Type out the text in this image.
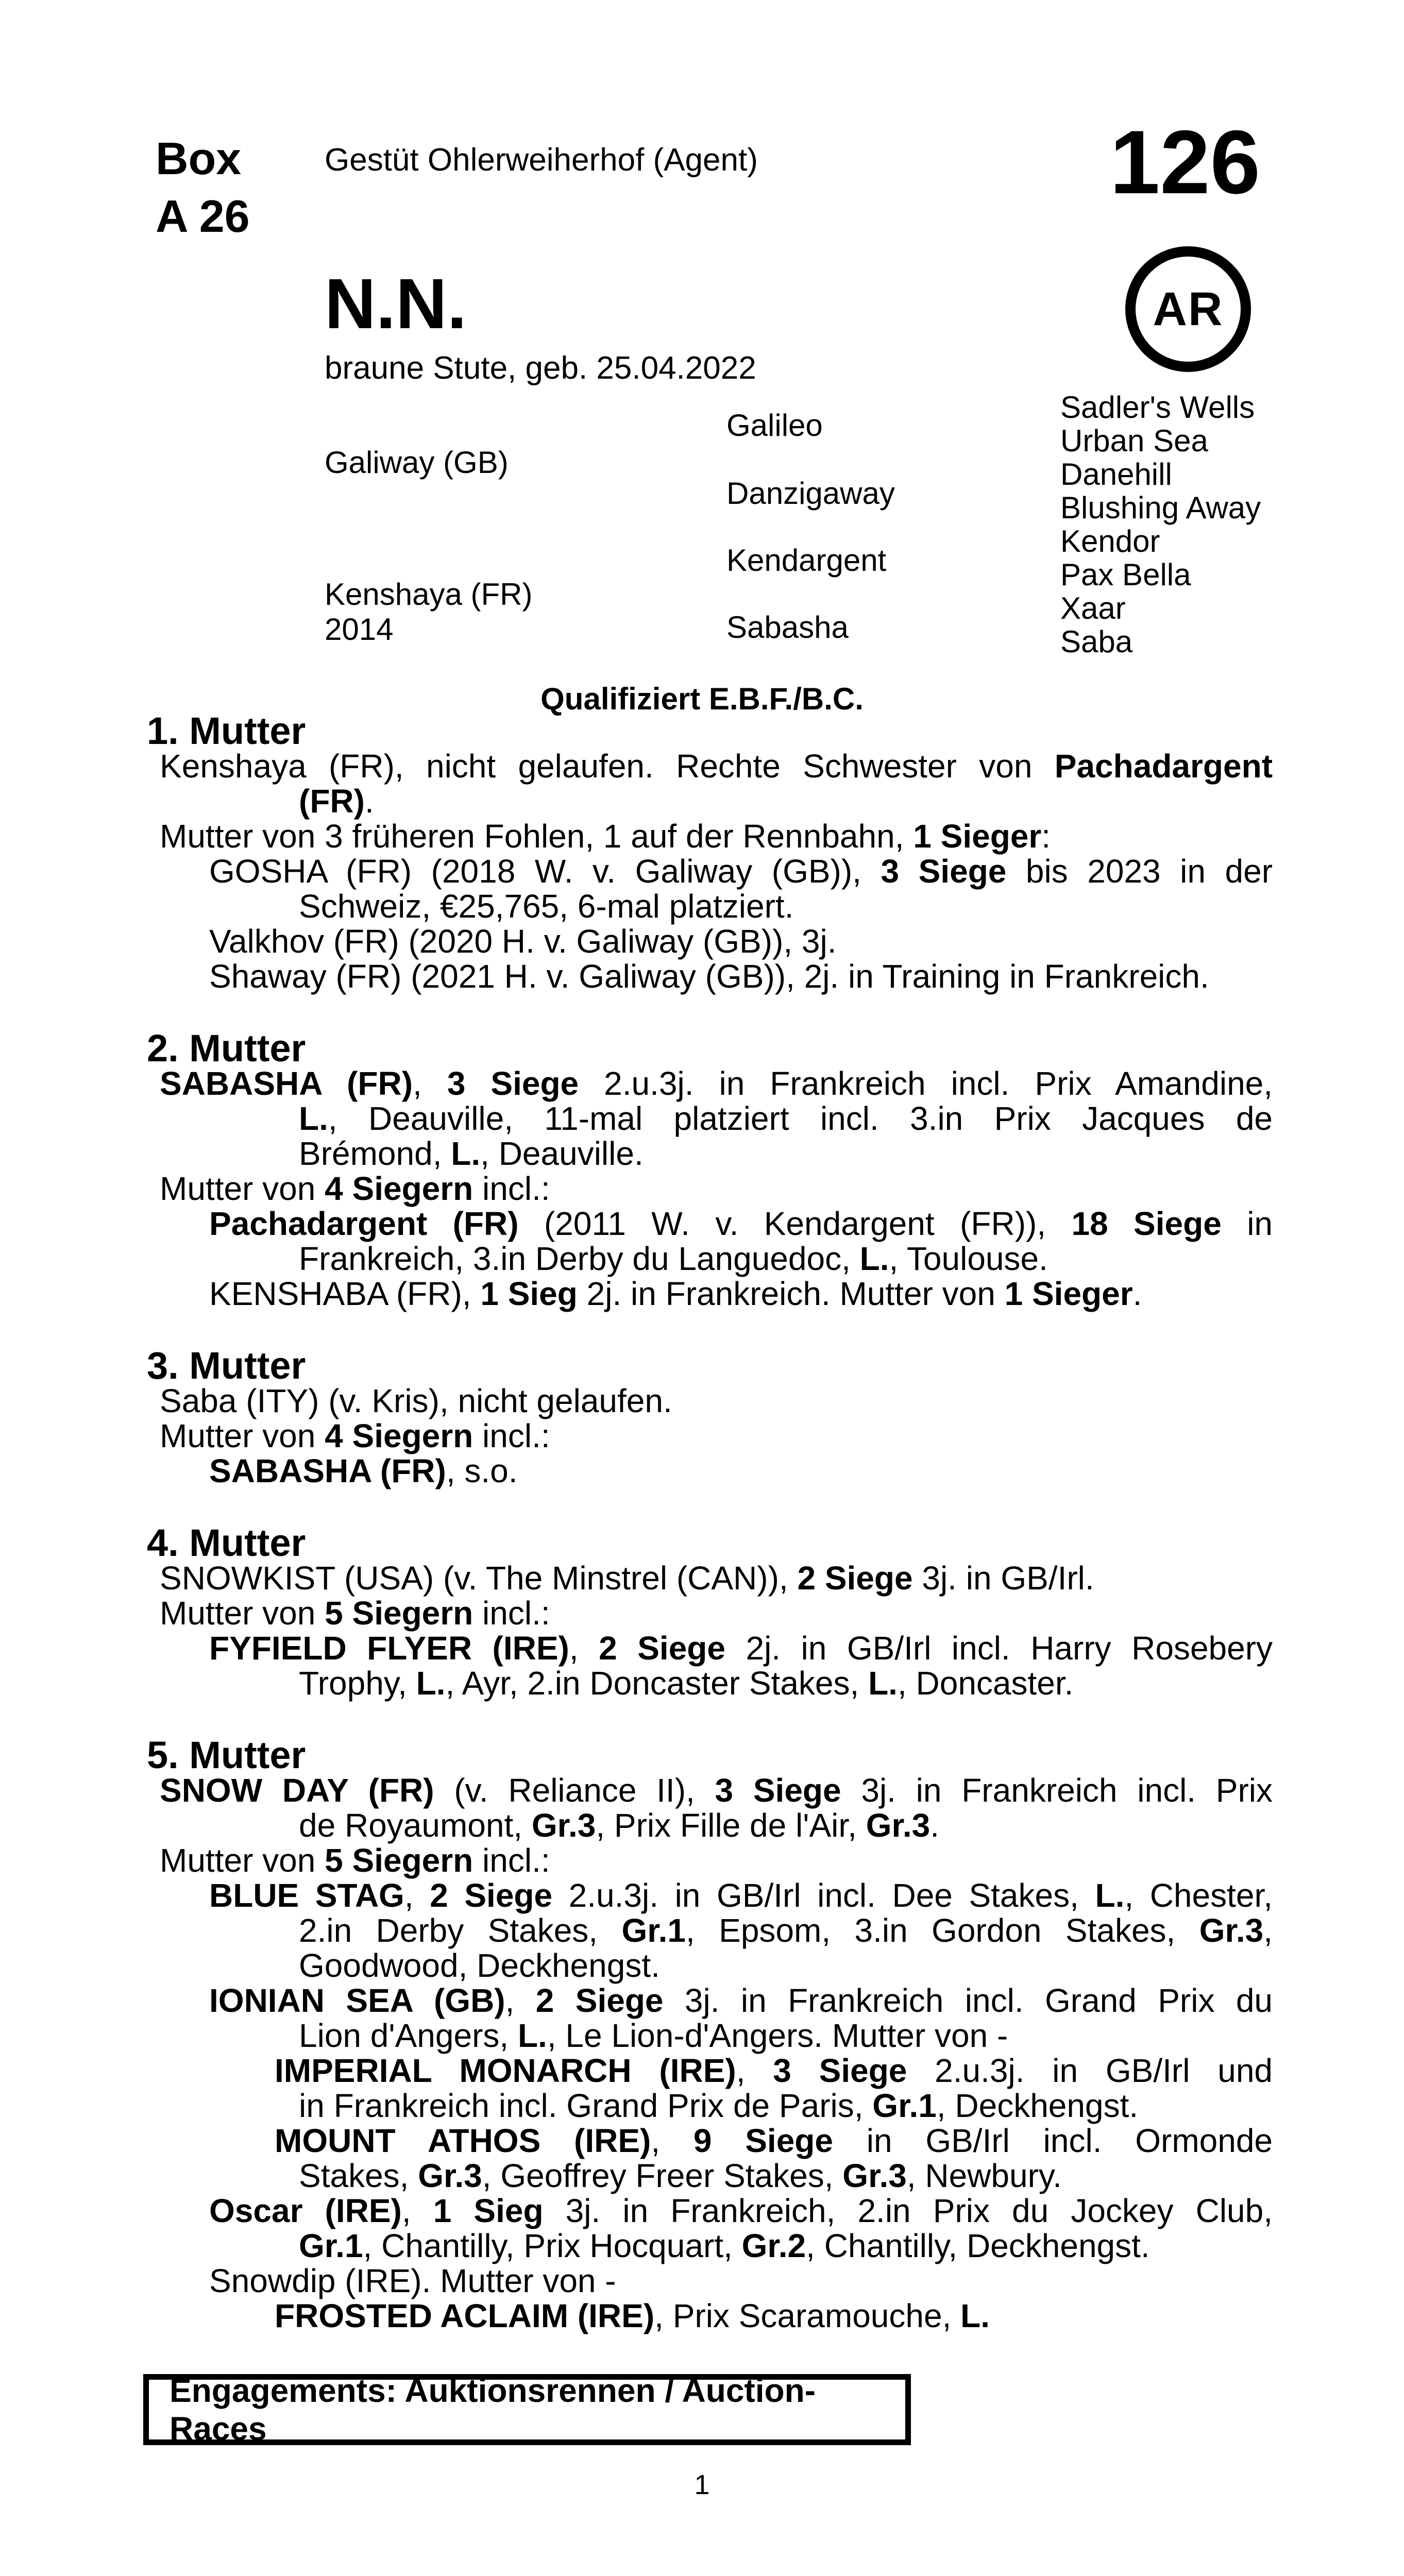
Box
A 26
Gestüt Ohlerweiherhof (Agent)	126
AR
N.N.
braune Stute, geb. 25.04.2022
Galiway (GB)
Kenshaya (FR)
2014
Galileo
Danzigaway
Kendargent
Sabasha
Sadler's Wells
Urban Sea
Danehill
Blushing Away
Kendor
Pax Bella
Xaar
Saba
Qualifiziert E.B.F./B.C.
1. Mutter
Kenshaya (FR), nicht gelaufen. Rechte Schwester von Pachadargent
(FR).
Mutter von 3 früheren Fohlen, 1 auf der Rennbahn, 1 Sieger:
GOSHA (FR) (2018 W. v. Galiway (GB)), 3 Siege bis 2023 in der
Schweiz, €25,765, 6-mal platziert.
Valkhov (FR) (2020 H. v. Galiway (GB)), 3j.
Shaway (FR) (2021 H. v. Galiway (GB)), 2j. in Training in Frankreich.
2. Mutter
SABASHA (FR), 3 Siege 2.u.3j. in Frankreich incl. Prix Amandine,
L., Deauville, 11-mal platziert incl. 3.in Prix Jacques de
Brémond, L., Deauville.
Mutter von 4 Siegern incl.:
Pachadargent (FR) (2011 W. v. Kendargent (FR)), 18 Siege in
Frankreich, 3.in Derby du Languedoc, L., Toulouse.
KENSHABA (FR), 1 Sieg 2j. in Frankreich. Mutter von 1 Sieger.
3. Mutter
Saba (ITY) (v. Kris), nicht gelaufen.
Mutter von 4 Siegern incl.:
SABASHA (FR), s.o.
4. Mutter
SNOWKIST (USA) (v. The Minstrel (CAN)), 2 Siege 3j. in GB/Irl.
Mutter von 5 Siegern incl.:
FYFIELD FLYER (IRE), 2 Siege 2j. in GB/Irl incl. Harry Rosebery
Trophy, L., Ayr, 2.in Doncaster Stakes, L., Doncaster.
5. Mutter
SNOW DAY (FR) (v. Reliance II), 3 Siege 3j. in Frankreich incl. Prix
de Royaumont, Gr.3, Prix Fille de l'Air, Gr.3.
Mutter von 5 Siegern incl.:
BLUE STAG, 2 Siege 2.u.3j. in GB/Irl incl. Dee Stakes, L., Chester,
2.in Derby Stakes, Gr.1, Epsom, 3.in Gordon Stakes, Gr.3,
Goodwood, Deckhengst.
IONIAN SEA (GB), 2 Siege 3j. in Frankreich incl. Grand Prix du
Lion d'Angers, L., Le Lion-d'Angers. Mutter von -
IMPERIAL MONARCH (IRE), 3 Siege 2.u.3j. in GB/Irl und
in Frankreich incl. Grand Prix de Paris, Gr.1, Deckhengst.
MOUNT ATHOS (IRE), 9 Siege in GB/Irl incl. Ormonde
Stakes, Gr.3, Geoffrey Freer Stakes, Gr.3, Newbury.
Oscar (IRE), 1 Sieg 3j. in Frankreich, 2.in Prix du Jockey Club,
Gr.1, Chantilly, Prix Hocquart, Gr.2, Chantilly, Deckhengst.
Snowdip (IRE). Mutter von -
FROSTED ACLAIM (IRE), Prix Scaramouche, L.
Engagements: Auktionsrennen / Auction-Races
1
